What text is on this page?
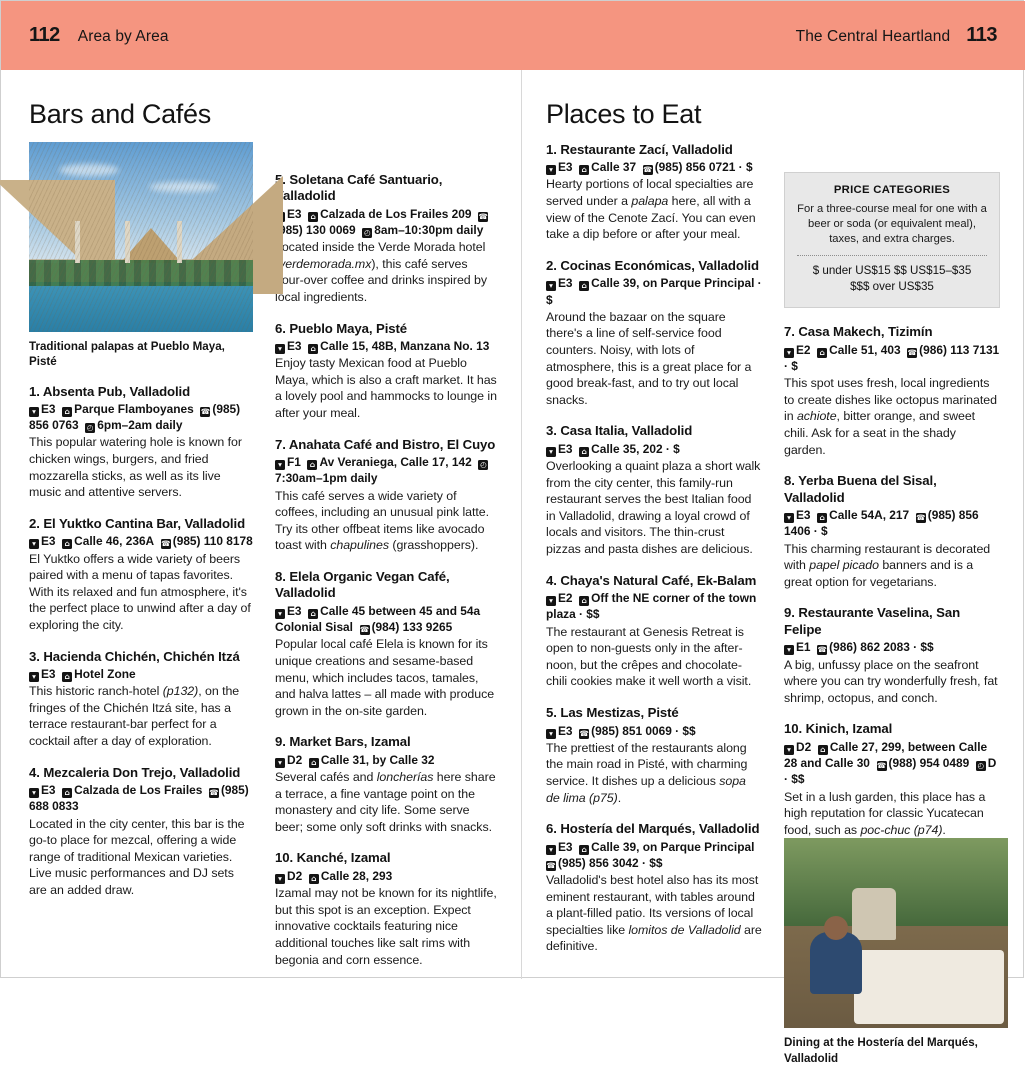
112 Area by Area	The Central Heartland 113
Bars and Cafés

Traditional palapas at Pueblo Maya, Pisté

1. Absenta Pub, Valladolid

▾ E3  ⌂ Parque Flamboyanes  ☎ (985) 856 0763  ◴ 6pm–2am daily

This popular watering hole is known for chicken wings, burgers, and fried mozzarella sticks, as well as its live music and attentive servers.

2. El Yuktko Cantina Bar, Valladolid

▾ E3  ⌂ Calle 46, 236A  ☎ (985) 110 8178

El Yuktko offers a wide variety of beers paired with a menu of tapas favorites. With its relaxed and fun atmosphere, it's the perfect place to unwind after a day of exploring the city.

3. Hacienda Chichén, Chichén Itzá

▾ E3  ⌂ Hotel Zone

This historic ranch-hotel (p132), on the fringes of the Chichén Itzá site, has a terrace restaurant-bar perfect for a cocktail after a day of exploration.

4. Mezcaleria Don Trejo, Valladolid

▾ E3  ⌂ Calzada de Los Frailes  ☎ (985) 688 0833

Located in the city center, this bar is the go-to place for mezcal, offering a wide range of traditional Mexican varieties. Live music performances and DJ sets are an added draw.

5. Soletana Café Santuario, Valladolid

▾ E3  ⌂ Calzada de Los Frailes 209  ☎(985) 130 0069  ◴ 8am–10:30pm daily

Located inside the Verde Morada hotel (verdemorada.mx), this café serves pour-over coffee and drinks inspired by local ingredients.

6. Pueblo Maya, Pisté

▾ E3  ⌂ Calle 15, 48B, Manzana No. 13

Enjoy tasty Mexican food at Pueblo Maya, which is also a craft market. It has a lovely pool and hammocks to lounge in after your meal.

7. Anahata Café and Bistro, El Cuyo

▾ F1  ⌂ Av Veraniega, Calle 17, 142  ◴7:30am–1pm daily

This café serves a wide variety of coffees, including an unusual pink latte. Try its other offbeat items like avocado toast with chapulines (grasshoppers).

8. Elela Organic Vegan Café, Valladolid

▾ E3  ⌂ Calle 45 between 45 and 54a Colonial Sisal  ☎ (984) 133 9265

Popular local café Elela is known for its unique creations and sesame-based menu, which includes tacos, tamales, and halva lattes – all made with produce grown in the on-site garden.

9. Market Bars, Izamal

▾ D2  ⌂ Calle 31, by Calle 32

Several cafés and loncherías here share a terrace, a fine vantage point on the monastery and city life. Some serve beer; some only soft drinks with snacks.

10. Kanché, Izamal

▾ D2  ⌂ Calle 28, 293

Izamal may not be known for its nightlife, but this spot is an exception. Expect innovative cocktails featuring nice additional touches like salt rims with begonia and corn essence.

Places to Eat

1. Restaurante Zací, Valladolid

▾ E3  ⌂ Calle 37  ☎ (985) 856 0721 · $

Hearty portions of local specialties are served under a palapa here, all with a view of the Cenote Zací. You can even take a dip before or after your meal.

2. Cocinas Económicas, Valladolid

▾ E3  ⌂ Calle 39, on Parque Principal · $

Around the bazaar on the square there's a line of self-service food counters. Noisy, with lots of atmosphere, this is a great place for a good break-fast, and to try out local snacks.

3. Casa Italia, Valladolid

▾ E3  ⌂ Calle 35, 202 · $

Overlooking a quaint plaza a short walk from the city center, this family-run restaurant serves the best Italian food in Valladolid, drawing a loyal crowd of locals and visitors. The thin-crust pizzas and pasta dishes are delicious.

4. Chaya's Natural Café, Ek-Balam

▾ E2  ⌂ Off the NE corner of the town plaza · $$

The restaurant at Genesis Retreat is open to non-guests only in the after-noon, but the crêpes and chocolate-chili cookies make it well worth a visit.

5. Las Mestizas, Pisté

▾ E3  ☎ (985) 851 0069 · $$

The prettiest of the restaurants along the main road in Pisté, with charming service. It dishes up a delicious sopa de lima (p75).

6. Hostería del Marqués, Valladolid

▾ E3  ⌂ Calle 39, on Parque Principal  ☎ (985) 856 3042 · $$

Valladolid's best hotel also has its most eminent restaurant, with tables around a plant-filled patio. Its versions of local specialties like lomitos de Valladolid are definitive.

PRICE CATEGORIES

For a three-course meal for one with a beer or soda (or equivalent meal), taxes, and extra charges.

$ under US$15 $$ US$15–$35

$$$ over US$35

7. Casa Makech, Tizimín

▾ E2  ⌂ Calle 51, 403  ☎ (986) 113 7131 · $

This spot uses fresh, local ingredients to create dishes like octopus marinated in achiote, bitter orange, and sweet chili. Ask for a seat in the shady garden.

8. Yerba Buena del Sisal, Valladolid

▾ E3  ⌂ Calle 54A, 217  ☎ (985) 856 1406 · $

This charming restaurant is decorated with papel picado banners and is a great option for vegetarians.

9. Restaurante Vaselina, San Felipe

▾ E1  ☎ (986) 862 2083 · $$

A big, unfussy place on the seafront where you can try wonderfully fresh, fat shrimp, octopus, and conch.

10. Kinich, Izamal

▾ D2  ⌂ Calle 27, 299, between Calle 28 and Calle 30  ☎ (988) 954 0489  ◴ D · $$

Set in a lush garden, this place has a high reputation for classic Yucatecan food, such as poc-chuc (p74).

Dining at the Hostería del Marqués, Valladolid
